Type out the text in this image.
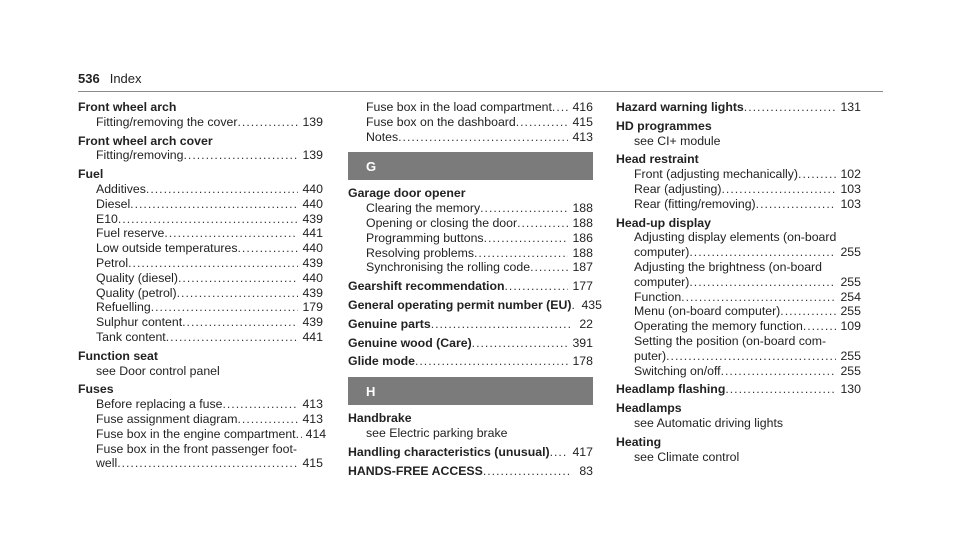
536 Index
Front wheel arch
Fitting/removing the cover .....	139
Front wheel arch cover
Fitting/removing .....	139
Fuel
Additives .....	440
Diesel .....	440
E10 .....	439
Fuel reserve .....	441
Low outside temperatures .....	440
Petrol .....	439
Quality (diesel) .....	440
Quality (petrol) .....	439
Refuelling .....	179
Sulphur content .....	439
Tank content .....	441
Function seat
see Door control panel
Fuses
Before replacing a fuse .....	413
Fuse assignment diagram .....	413
Fuse box in the engine compartment ..... 414
Fuse box in the front passenger foot-
well .....	415
Fuse box in the load compartment .....	416
Fuse box on the dashboard .....	415
Notes .....	413
G
Garage door opener
Clearing the memory .....	188
Opening or closing the door .....	188
Programming buttons .....	186
Resolving problems .....	188
Synchronising the rolling code .....	187
Gearshift recommendation .....	177
General operating permit number (EU) ..... 435
Genuine parts .....	22
Genuine wood (Care) .....	391
Glide mode .....	178
H
Handbrake
see Electric parking brake
Handling characteristics (unusual) .....	417
HANDS-FREE ACCESS .....	83
Hazard warning lights .....	131
HD programmes
see CI+ module
Head restraint
Front (adjusting mechanically) .....	102
Rear (adjusting) .....	103
Rear (fitting/removing) .....	103
Head-up display
Adjusting display elements (on-board
computer) .....	255
Adjusting the brightness (on-board
computer) .....	255
Function .....	254
Menu (on-board computer) .....	255
Operating the memory function .....	109
Setting the position (on-board com-
puter) .....	255
Switching on/off .....	255
Headlamp flashing .....	130
Headlamps
see Automatic driving lights
Heating
see Climate control
